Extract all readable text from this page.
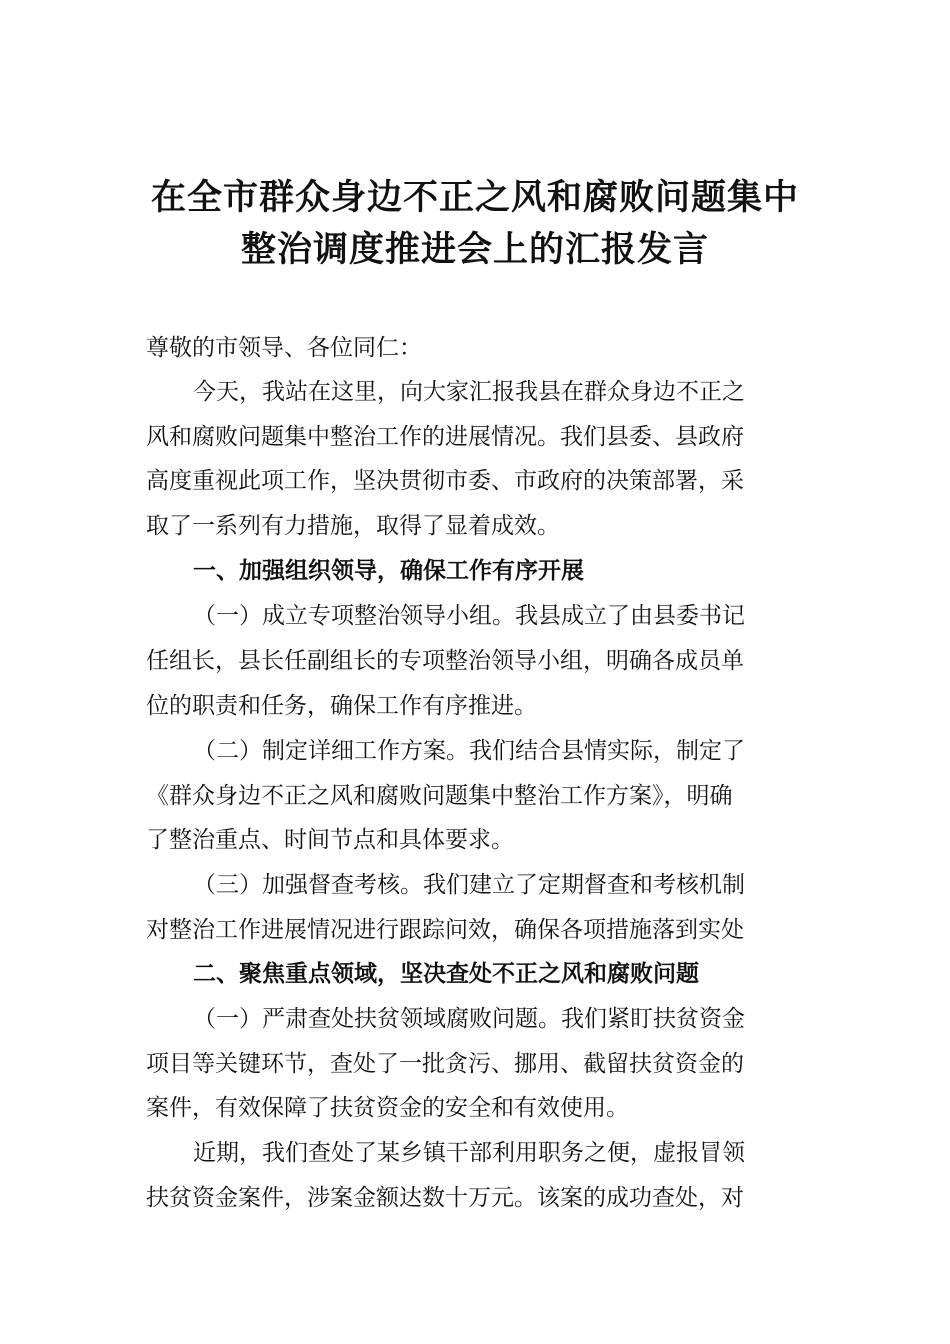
在全市群众身边不正之风和腐败问题集中
整治调度推进会上的汇报发言
尊敬的市领导、各位同仁：
今天，我站在这里，向大家汇报我县在群众身边不正之
风和腐败问题集中整治工作的进展情况。我们县委、县政府
高度重视此项工作，坚决贯彻市委、市政府的决策部署，采
取了一系列有力措施，取得了显着成效。
一、加强组织领导，确保工作有序开展
（一）成立专项整治领导小组。我县成立了由县委书记
任组长，县长任副组长的专项整治领导小组，明确各成员单
位的职责和任务，确保工作有序推进。
（二）制定详细工作方案。我们结合县情实际，制定了
《群众身边不正之风和腐败问题集中整治工作方案》，明确
了整治重点、时间节点和具体要求。
（三）加强督查考核。我们建立了定期督查和考核机制
对整治工作进展情况进行跟踪问效，确保各项措施落到实处
二、聚焦重点领域，坚决查处不正之风和腐败问题
（一）严肃查处扶贫领域腐败问题。我们紧盯扶贫资金
项目等关键环节，查处了一批贪污、挪用、截留扶贫资金的
案件，有效保障了扶贫资金的安全和有效使用。
近期，我们查处了某乡镇干部利用职务之便，虚报冒领
扶贫资金案件，涉案金额达数十万元。该案的成功查处，对
